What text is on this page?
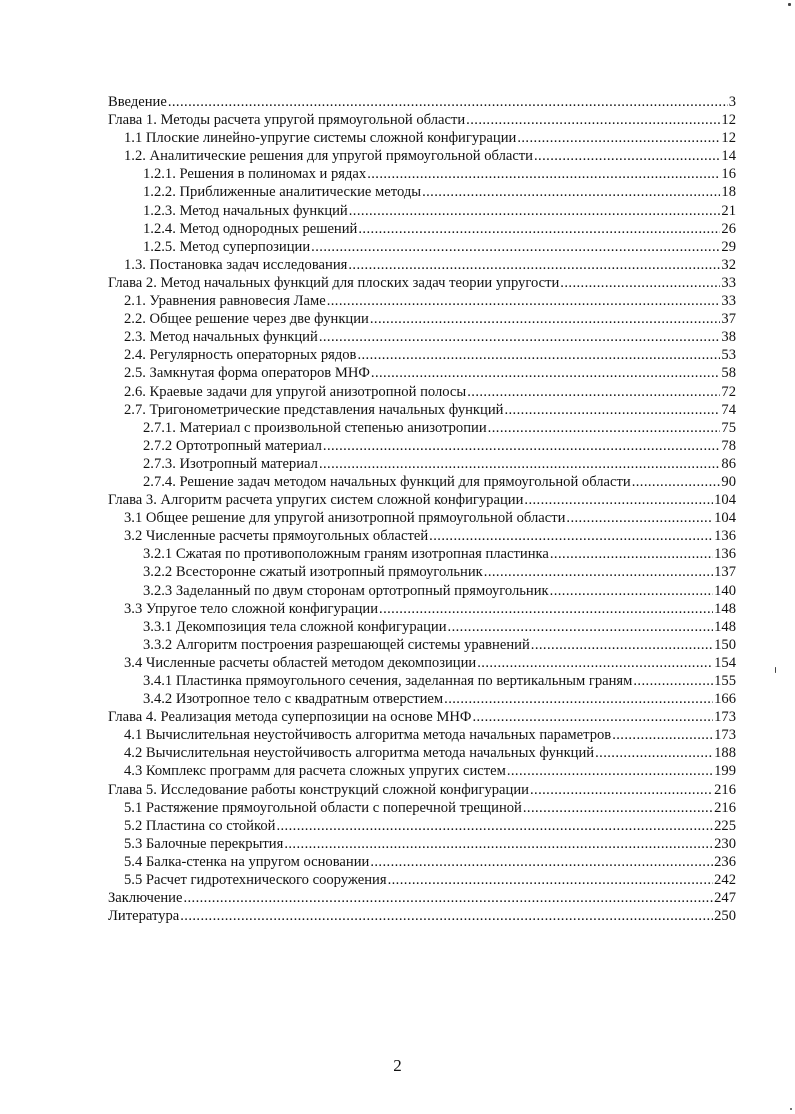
Введение .....	3
Глава 1. Методы расчета упругой прямоугольной области .....	12
1.1 Плоские линейно-упругие системы сложной конфигурации .....	12
1.2. Аналитические решения для упругой прямоугольной области .....	14
1.2.1. Решения в полиномах и рядах .....	16
1.2.2. Приближенные аналитические методы .....	18
1.2.3. Метод начальных функций .....	21
1.2.4. Метод однородных решений .....	26
1.2.5. Метод суперпозиции .....	29
1.3. Постановка задач исследования .....	32
Глава 2. Метод начальных функций для плоских задач теории упругости .....	33
2.1. Уравнения равновесия Ламе .....	33
2.2. Общее решение через две функции .....	37
2.3. Метод начальных функций .....	38
2.4. Регулярность операторных рядов .....	53
2.5. Замкнутая форма операторов МНФ .....	58
2.6. Краевые задачи для упругой анизотропной полосы .....	72
2.7. Тригонометрические представления начальных функций .....	74
2.7.1. Материал с произвольной степенью анизотропии .....	75
2.7.2 Ортотропный материал .....	78
2.7.3. Изотропный материал .....	86
2.7.4. Решение задач методом начальных функций для прямоугольной области .....	90
Глава 3. Алгоритм расчета упругих систем сложной конфигурации .....	104
3.1 Общее решение для упругой анизотропной прямоугольной области .....	104
3.2 Численные расчеты прямоугольных областей .....	136
3.2.1 Сжатая по противоположным граням изотропная пластинка .....	136
3.2.2 Всесторонне сжатый изотропный прямоугольник .....	137
3.2.3 Заделанный по двум сторонам ортотропный прямоугольник .....	140
3.3 Упругое тело сложной конфигурации .....	148
3.3.1 Декомпозиция тела сложной конфигурации .....	148
3.3.2 Алгоритм построения разрешающей системы уравнений .....	150
3.4 Численные расчеты областей методом декомпозиции .....	154
3.4.1 Пластинка прямоугольного сечения, заделанная по вертикальным граням .....	155
3.4.2 Изотропное тело с квадратным отверстием .....	166
Глава 4. Реализация метода суперпозиции на основе МНФ .....	173
4.1 Вычислительная неустойчивость алгоритма метода начальных параметров .....	173
4.2 Вычислительная неустойчивость алгоритма метода начальных функций .....	188
4.3 Комплекс программ для расчета сложных упругих систем .....	199
Глава 5. Исследование работы конструкций сложной конфигурации .....	216
5.1 Растяжение прямоугольной области с поперечной трещиной .....	216
5.2 Пластина со стойкой .....	225
5.3 Балочные перекрытия .....	230
5.4 Балка-стенка на упругом основании .....	236
5.5 Расчет гидротехнического сооружения .....	242
Заключение .....	247
Литература .....	250
2
